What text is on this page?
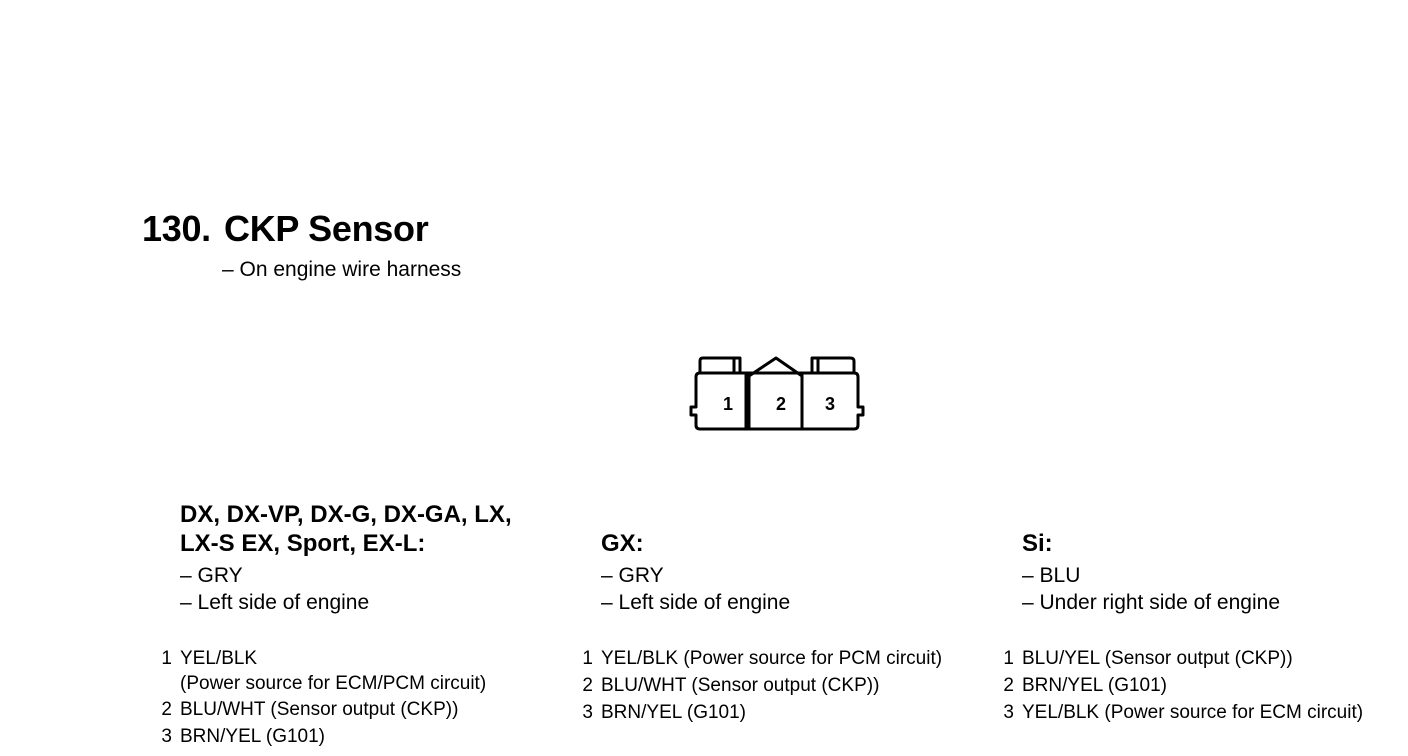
130. CKP Sensor
– On engine wire harness
1 2 3
DX, DX-VP, DX-G, DX-GA, LX,
LX-S EX, Sport, EX-L:
– GRY
– Left side of engine
1 YEL/BLK
(Power source for ECM/PCM circuit)
2 BLU/WHT (Sensor output (CKP))
3 BRN/YEL (G101)
GX:
– GRY
– Left side of engine
1 YEL/BLK (Power source for PCM circuit)
2 BLU/WHT (Sensor output (CKP))
3 BRN/YEL (G101)
Si:
– BLU
– Under right side of engine
1 BLU/YEL (Sensor output (CKP))
2 BRN/YEL (G101)
3 YEL/BLK (Power source for ECM circuit)
